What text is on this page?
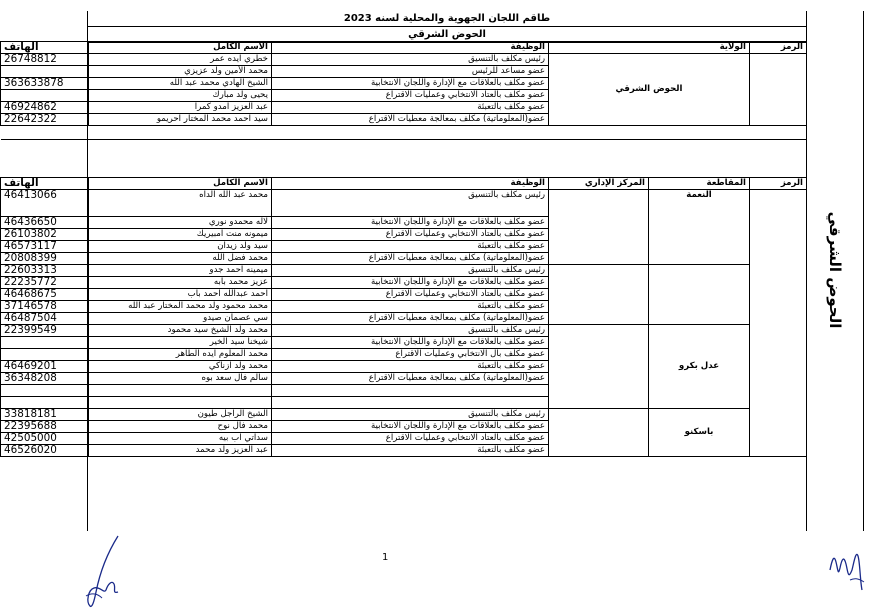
طاقم اللجان الجهوية والمحلية لسنه 2023
الحوض الشرقي
الهاتف	الاسم الكامل	الوظيفة	الولاية	الرمز
26748812	خطري ايده عمر	رئيس مكلف بالتنسيق	الحوض الشرقي	
	محمد الأمين ولد عزيزي	عضو مساعد للرئيس		
363633878	الشيخ الهادي محمد عبد الله	عضو مكلف بالعلاقات مع الإدارة واللجان الانتخابية		
	يحيى ولد مبارك	عضو مكلف بالعتاد الانتخابي وعمليات الاقتراع		
46924862	عبد العزيز آمدو كمرا	عضو مكلف بالتعبئة		
22642322	سيد احمد محمد المختار احريمو	عضو(المعلوماتية) مكلف بمعالجة معطيات الاقتراع		

الهاتف	الاسم الكامل	الوظيفة	المركز الإداري	المقاطعة	الرمز
46413066	محمد عبد الله الداه	رئيس مكلف بالتنسيق		النعمة	
46436650	لاله محمدو نوري	عضو مكلف بالعلاقات مع الإدارة واللجان الانتخابية			
26103802	ميمونه منت امبيريك	عضو مكلف بالعتاد الانتخابي وعمليات الاقتراع			
46573117	سيد ولد زيدان	عضو مكلف بالتعبئة			
20808399	محمد فضل الله	عضو(المعلوماتية) مكلف بمعالجة معطيات الاقتراع			
22603313	ميمينه احمد جدو	رئيس مكلف بالتنسيق			
22235772	عزيز محمد بابه	عضو مكلف بالعلاقات مع الإدارة واللجان الانتخابية			
46468675	احمد عبدالله احمد باب	عضو مكلف بالعتاد الانتخابي وعمليات الاقتراع			
37146578	محمد محمود ولد محمد المختار عبد الله	عضو مكلف بالتعبئة			
46487504	سي عصمان صيدو	عضو(المعلوماتية) مكلف بمعالجة معطيات الاقتراع			
22399549	محمد ولد الشيخ سيد محمود	رئيس مكلف بالتنسيق		عدل بكرو	
	شيخنا سيد الخير	عضو مكلف بالعلاقات مع الإدارة واللجان الانتخابية			
	محمد المعلوم ايده الطاهر	عضو مكلف بال الانتخابي وعمليات الاقتراع			
46469201	محمد ولد ازناكي	عضو مكلف بالتعبئة			
36348208	سالم فال سعد بوه	عضو(المعلوماتية) مكلف بمعالجة معطيات الاقتراع			

33818181	الشيخ الراجل طيون	رئيس مكلف بالتنسيق		باسكنو	
22395688	محمد فال نوح	عضو مكلف بالعلاقات مع الإدارة واللجان الانتخابية			
42505000	سداتي اب بيه	عضو مكلف بالعتاد الانتخابي وعمليات الاقتراع			
46526020	عبد العزيز ولد محمد	عضو مكلف بالتعبئة			
الحوض الشرقي
1
